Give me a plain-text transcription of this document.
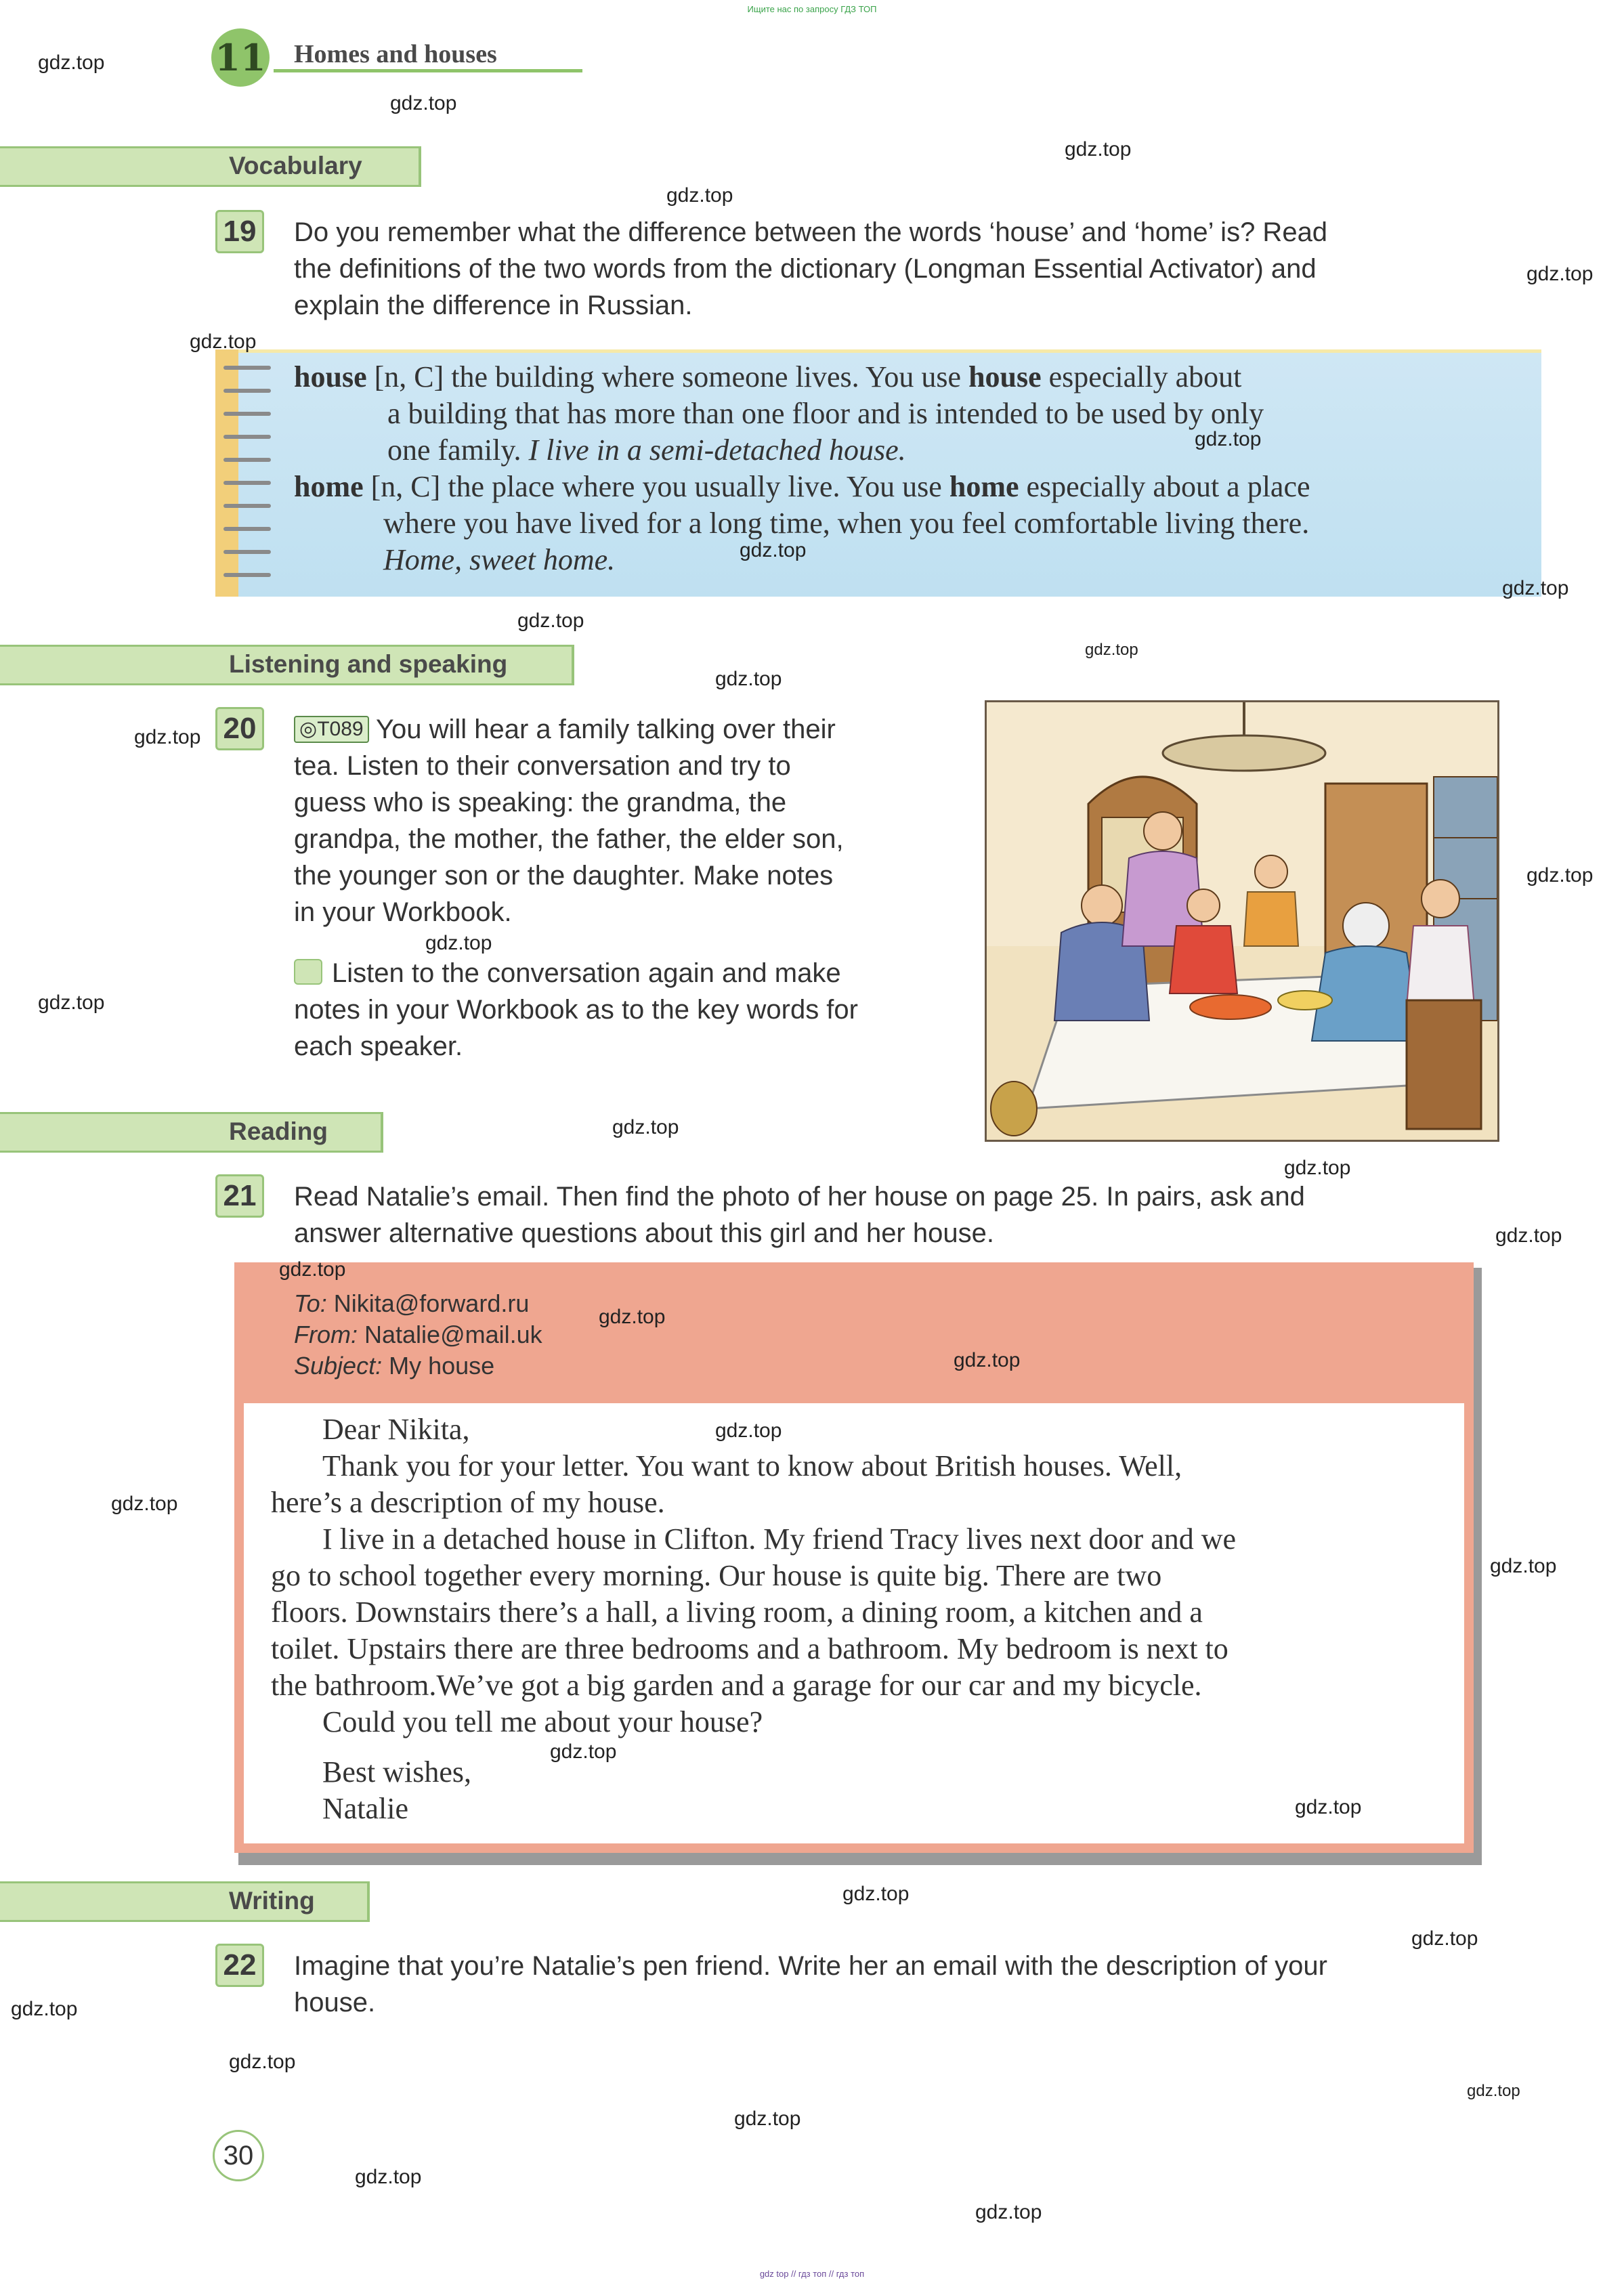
Ищите нас по запросу ГДЗ ТОП
gdz top // гдз топ // гдз топ
11 Homes and houses
Vocabulary
19 Do you remember what the difference between the words ‘house’ and ‘home’ is? Read
the definitions of the two words from the dictionary (Longman Essential Activator) and
explain the difference in Russian.
house [n, C] the building where someone lives. You use house especially about
a building that has more than one floor and is intended to be used by only
one family. I live in a semi-detached house.
home [n, C] the place where you usually live. You use home especially about a place
where you have lived for a long time, when you feel comfortable living there.
Home, sweet home.
Listening and speaking
20	◎T089 You will hear a family talking over their
tea. Listen to their conversation and try to
guess who is speaking: the grandma, the
grandpa, the mother, the father, the elder son,
the younger son or the daughter. Make notes
in your Workbook.
Listen to the conversation again and make
notes in your Workbook as to the key words for
each speaker.
Reading
21 Read Natalie’s email. Then find the photo of her house on page 25. In pairs, ask and
answer alternative questions about this girl and her house.
To: Nikita@forward.ru
From: Natalie@mail.uk
Subject: My house
Dear Nikita,
Thank you for your letter. You want to know about British houses. Well,
here’s a description of my house.
I live in a detached house in Clifton. My friend Tracy lives next door and we
go to school together every morning. Our house is quite big. There are two
floors. Downstairs there’s a hall, a living room, a dining room, a kitchen and a
toilet. Upstairs there are three bedrooms and a bathroom. My bedroom is next to
the bathroom.We’ve got a big garden and a garage for our car and my bicycle.
Could you tell me about your house?
Best wishes,
Natalie
Writing
22 Imagine that you’re Natalie’s pen friend. Write her an email with the description of your
house.
30
gdz.top
gdz.top
gdz.top
gdz.top
gdz.top
gdz.top
gdz.top
gdz.top
gdz.top
gdz.top
gdz.top
gdz.top
gdz.top
gdz.top
gdz.top
gdz.top
gdz.top
gdz.top
gdz.top
gdz.top
gdz.top
gdz.top
gdz.top
gdz.top
gdz.top
gdz.top
gdz.top
gdz.top
gdz.top
gdz.top
gdz.top
gdz.top
gdz.top
gdz.top
gdz.top
